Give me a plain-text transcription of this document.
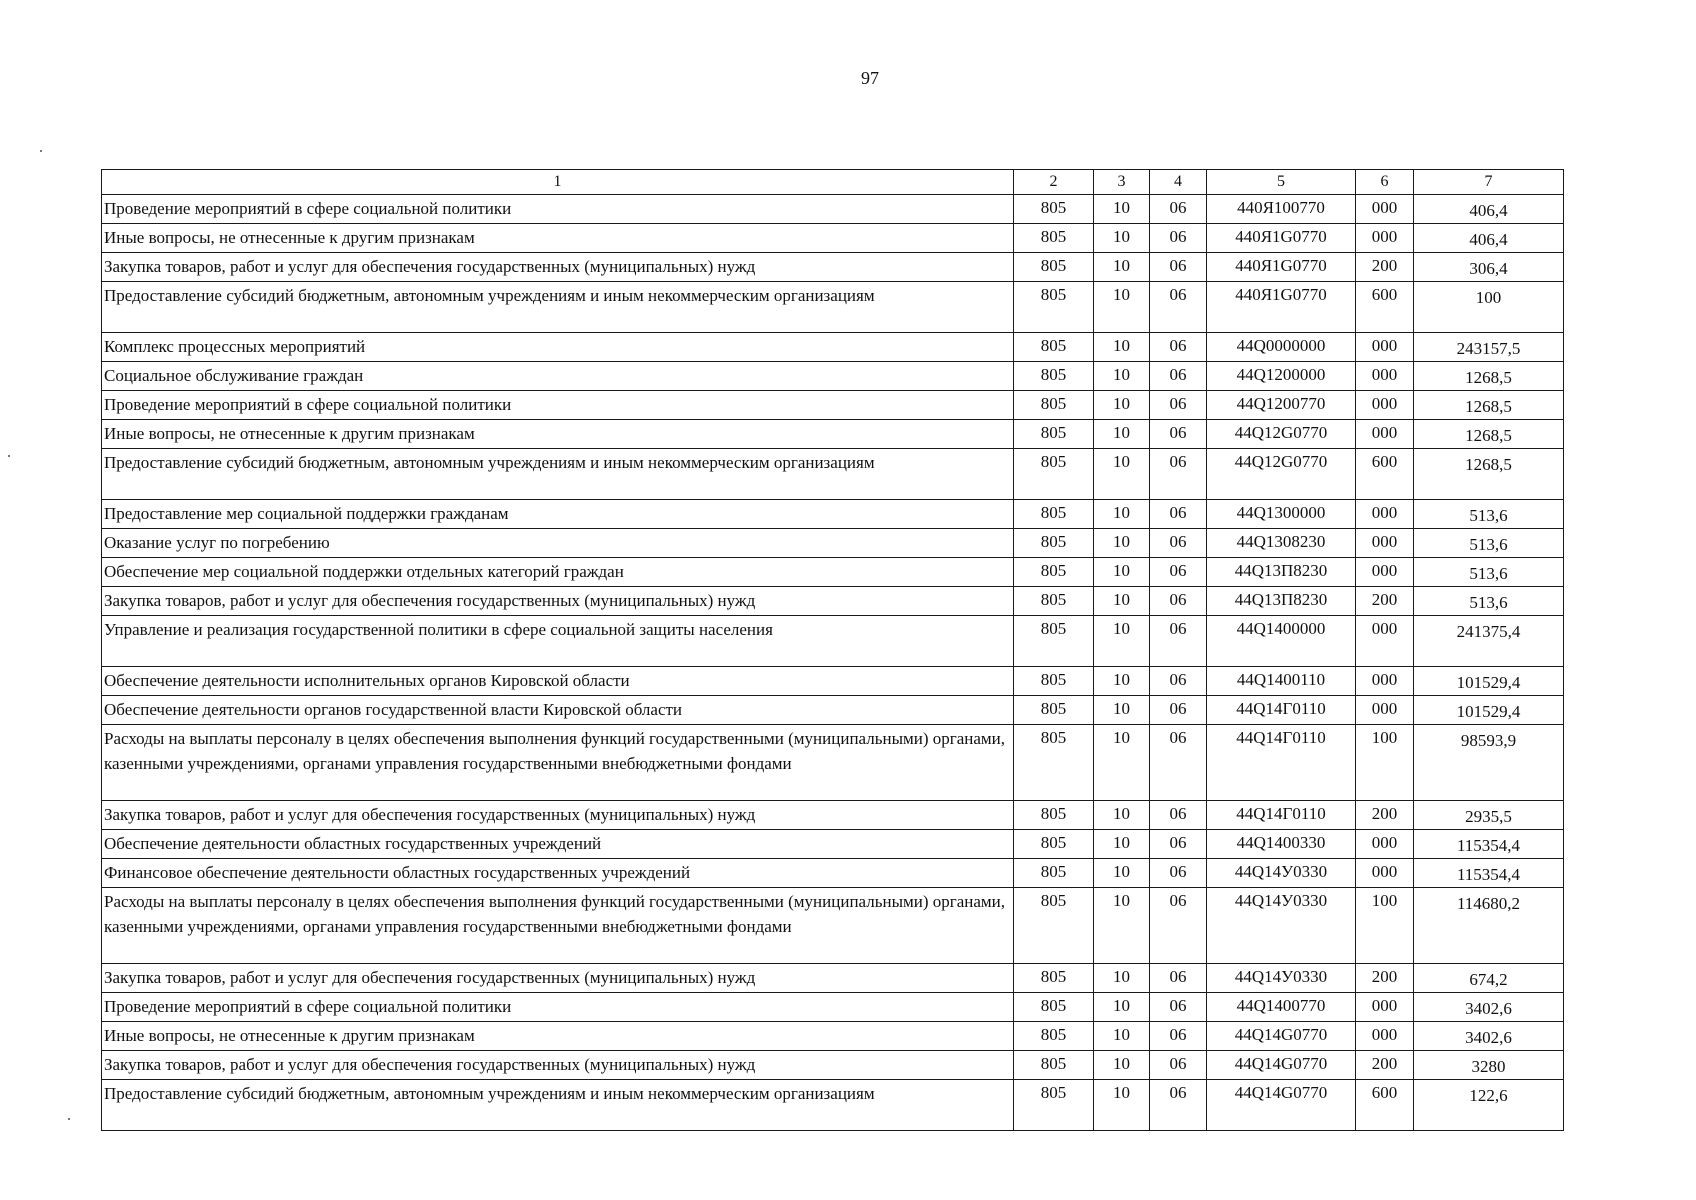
97
1	2	3	4	5	6	7
Проведение мероприятий в сфере социальной политики	805	10	06	440Я100770	000	406,4
Иные вопросы, не отнесенные к другим признакам	805	10	06	440Я1G0770	000	406,4
Закупка товаров, работ и услуг для обеспечения государственных (муниципальных) нужд	805	10	06	440Я1G0770	200	306,4
Предоставление субсидий бюджетным, автономным учреждениям и иным некоммерческим организациям	805	10	06	440Я1G0770	600	100
Комплекс процессных мероприятий	805	10	06	44Q0000000	000	243157,5
Социальное обслуживание граждан	805	10	06	44Q1200000	000	1268,5
Проведение мероприятий в сфере социальной политики	805	10	06	44Q1200770	000	1268,5
Иные вопросы, не отнесенные к другим признакам	805	10	06	44Q12G0770	000	1268,5
Предоставление субсидий бюджетным, автономным учреждениям и иным некоммерческим организациям	805	10	06	44Q12G0770	600	1268,5
Предоставление мер социальной поддержки гражданам	805	10	06	44Q1300000	000	513,6
Оказание услуг по погребению	805	10	06	44Q1308230	000	513,6
Обеспечение мер социальной поддержки отдельных категорий граждан	805	10	06	44Q13П8230	000	513,6
Закупка товаров, работ и услуг для обеспечения государственных (муниципальных) нужд	805	10	06	44Q13П8230	200	513,6
Управление и реализация государственной политики в сфере социальной защиты населения	805	10	06	44Q1400000	000	241375,4
Обеспечение деятельности исполнительных органов Кировской области	805	10	06	44Q1400110	000	101529,4
Обеспечение деятельности органов государственной власти Кировской области	805	10	06	44Q14Г0110	000	101529,4
Расходы на выплаты персоналу в целях обеспечения выполнения функций государственными (муниципальными) органами, казенными учреждениями, органами управления государственными внебюджетными фондами	805	10	06	44Q14Г0110	100	98593,9
Закупка товаров, работ и услуг для обеспечения государственных (муниципальных) нужд	805	10	06	44Q14Г0110	200	2935,5
Обеспечение деятельности областных государственных учреждений	805	10	06	44Q1400330	000	115354,4
Финансовое обеспечение деятельности областных государственных учреждений	805	10	06	44Q14У0330	000	115354,4
Расходы на выплаты персоналу в целях обеспечения выполнения функций государственными (муниципальными) органами, казенными учреждениями, органами управления государственными внебюджетными фондами	805	10	06	44Q14У0330	100	114680,2
Закупка товаров, работ и услуг для обеспечения государственных (муниципальных) нужд	805	10	06	44Q14У0330	200	674,2
Проведение мероприятий в сфере социальной политики	805	10	06	44Q1400770	000	3402,6
Иные вопросы, не отнесенные к другим признакам	805	10	06	44Q14G0770	000	3402,6
Закупка товаров, работ и услуг для обеспечения государственных (муниципальных) нужд	805	10	06	44Q14G0770	200	3280
Предоставление субсидий бюджетным, автономным учреждениям и иным некоммерческим организациям	805	10	06	44Q14G0770	600	122,6
